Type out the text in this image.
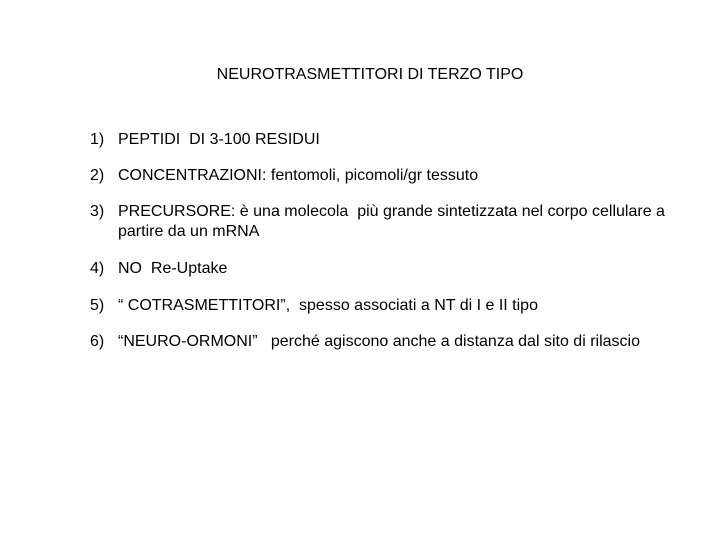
NEUROTRASMETTITORI DI TERZO TIPO
1) PEPTIDI  DI 3-100 RESIDUI
2) CONCENTRAZIONI: fentomoli, picomoli/gr tessuto
3) PRECURSORE: è una molecola  più grande sintetizzata nel corpo cellulare a partire da un mRNA
4) NO  Re-Uptake
5) “ COTRASMETTITORI”,  spesso associati a NT di I e II tipo
6) “NEURO-ORMONI”   perché agiscono anche a distanza dal sito di rilascio
